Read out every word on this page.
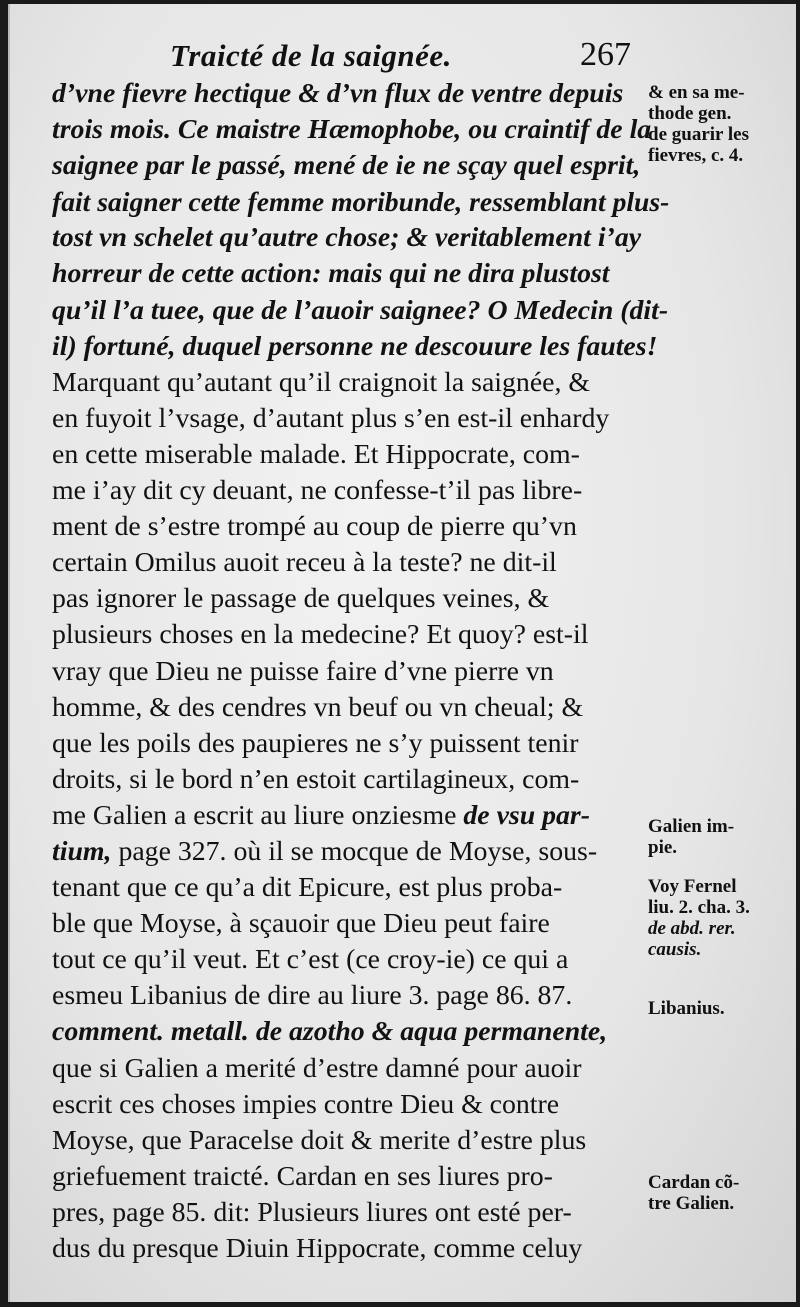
Traicté de la saignée.	267
d’vne fievre hectique & d’vn flux de ventre depuis
trois mois. Ce maistre Hæmophobe, ou craintif de la
saignee par le passé, mené de ie ne sçay quel esprit,
fait saigner cette femme moribunde, ressemblant plus-
tost vn schelet qu’autre chose; & veritablement i’ay
horreur de cette action: mais qui ne dira plustost
qu’il l’a tuee, que de l’auoir saignee? O Medecin (dit-
il) fortuné, duquel personne ne descouure les fautes!
Marquant qu’autant qu’il craignoit la saignée, &
en fuyoit l’vsage, d’autant plus s’en est-il enhardy
en cette miserable malade. Et Hippocrate, com-
me i’ay dit cy deuant, ne confesse-t’il pas libre-
ment de s’estre trompé au coup de pierre qu’vn
certain Omilus auoit receu à la teste? ne dit-il
pas ignorer le passage de quelques veines, &
plusieurs choses en la medecine? Et quoy? est-il
vray que Dieu ne puisse faire d’vne pierre vn
homme, & des cendres vn beuf ou vn cheual; &
que les poils des paupieres ne s’y puissent tenir
droits, si le bord n’en estoit cartilagineux, com-
me Galien a escrit au liure onziesme de vsu par-
tium, page 327. où il se mocque de Moyse, sous-
tenant que ce qu’a dit Epicure, est plus proba-
ble que Moyse, à sçauoir que Dieu peut faire
tout ce qu’il veut. Et c’est (ce croy-ie) ce qui a
esmeu Libanius de dire au liure 3. page 86. 87.
comment. metall. de azotho & aqua permanente,
que si Galien a merité d’estre damné pour auoir
escrit ces choses impies contre Dieu & contre
Moyse, que Paracelse doit & merite d’estre plus
griefuement traicté. Cardan en ses liures pro-
pres, page 85. dit: Plusieurs liures ont esté per-
dus du presque Diuin Hippocrate, comme celuy
& en sa me-
thode gen.
de guarir les
fievres, c. 4.
Galien im-
pie.
Voy Fernel
liu. 2. cha. 3.
de abd. rer.
causis.
Libanius.
Cardan cõ-
tre Galien.
